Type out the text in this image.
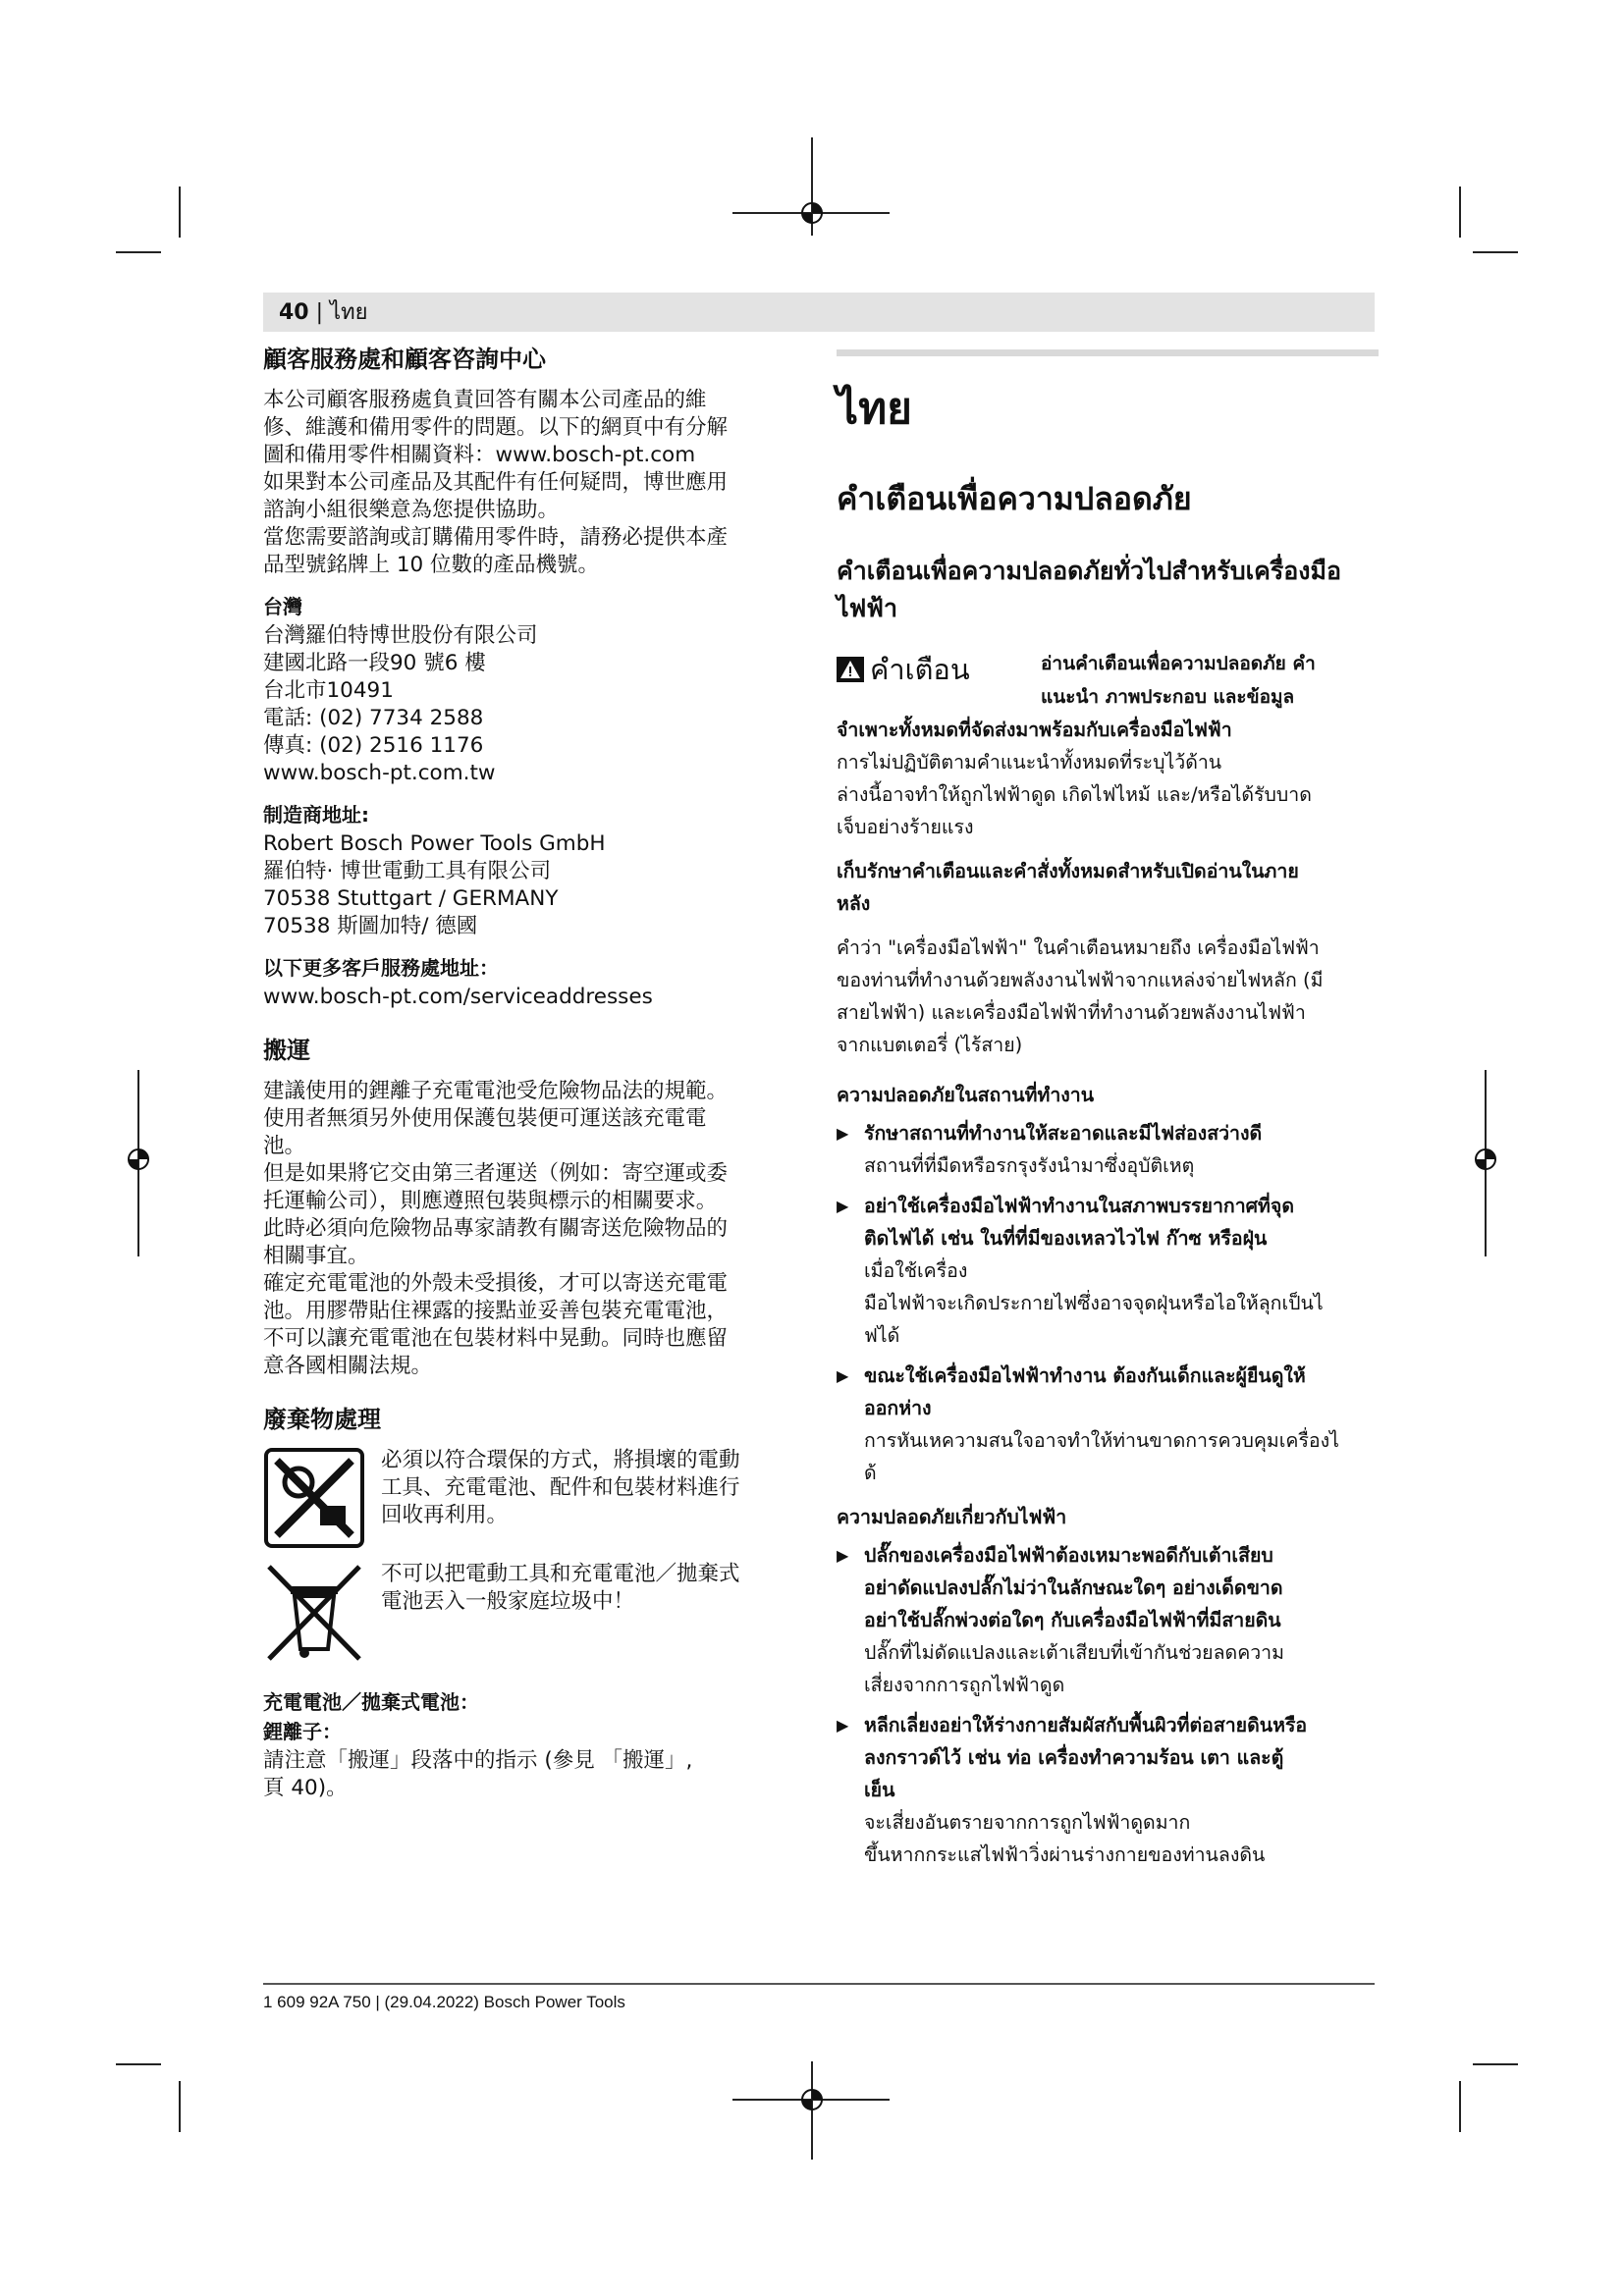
40 | ไทย
顧客服務處和顧客咨詢中心

本公司顧客服務處負責回答有關本公司產品的維
修、維護和備用零件的問題。以下的網頁中有分解
圖和備用零件相關資料：www.bosch-pt.com
如果對本公司產品及其配件有任何疑問，博世應用
諮詢小組很樂意為您提供協助。
當您需要諮詢或訂購備用零件時，請務必提供本產
品型號銘牌上 10 位數的產品機號。

台灣

台灣羅伯特博世股份有限公司
建國北路一段90 號6 樓
台北市10491
電話: (02) 7734 2588
傳真: (02) 2516 1176
www.bosch-pt.com.tw

制造商地址:

Robert Bosch Power Tools GmbH
羅伯特· 博世電動工具有限公司
70538 Stuttgart / GERMANY
70538 斯圖加特/ 德國

以下更多客戶服務處地址：

www.bosch-pt.com/serviceaddresses

搬運

建議使用的鋰離子充電電池受危險物品法的規範。
使用者無須另外使用保護包裝便可運送該充電電
池。
但是如果將它交由第三者運送（例如：寄空運或委
托運輸公司），則應遵照包裝與標示的相關要求。
此時必須向危險物品專家請教有關寄送危險物品的
相關事宜。
確定充電電池的外殼未受損後，才可以寄送充電電
池。用膠帶貼住裸露的接點並妥善包裝充電電池，
不可以讓充電電池在包裝材料中晃動。同時也應留
意各國相關法規。

廢棄物處理

必須以符合環保的方式，將損壞的電動
工具、充電電池、配件和包裝材料進行
回收再利用。

不可以把電動工具和充電電池／拋棄式
電池丟入一般家庭垃圾中！

充電電池／拋棄式電池：
鋰離子：

請注意「搬運」段落中的指示 (參見 「搬運」,
頁 40)。

ไทย
คำเตือนเพื่อความปลอดภัย
คำเตือนเพื่อความปลอดภัยทั่วไปสำหรับเครื่องมือ
ไฟฟ้า
คำเตือน	อ่านคำเตือนเพื่อความปลอดภัย คำ
แนะนำ ภาพประกอบ และข้อมูล

จำเพาะทั้งหมดที่จัดส่งมาพร้อมกับเครื่องมือไฟฟ้า

การไม่ปฏิบัติตามคำแนะนำทั้งหมดที่ระบุไว้ด้าน
ล่างนี้อาจทำให้ถูกไฟฟ้าดูด เกิดไฟไหม้ และ/หรือได้รับบาด
เจ็บอย่างร้ายแรง

เก็บรักษาคำเตือนและคำสั่งทั้งหมดสำหรับเปิดอ่านในภาย
หลัง

คำว่า "เครื่องมือไฟฟ้า" ในคำเตือนหมายถึง เครื่องมือไฟฟ้า
ของท่านที่ทำงานด้วยพลังงานไฟฟ้าจากแหล่งจ่ายไฟหลัก (มี
สายไฟฟ้า) และเครื่องมือไฟฟ้าที่ทำงานด้วยพลังงานไฟฟ้า
จากแบตเตอรี่ (ไร้สาย)

ความปลอดภัยในสถานที่ทำงาน
▶ รักษาสถานที่ทำงานให้สะอาดและมีไฟส่องสว่างดี

สถานที่ที่มืดหรือรกรุงรังนำมาซึ่งอุบัติเหตุ

▶ อย่าใช้เครื่องมือไฟฟ้าทำงานในสภาพบรรยากาศที่จุด
ติดไฟได้ เช่น ในที่ที่มีของเหลวไวไฟ ก๊าซ หรือฝุ่น

เมื่อใช้เครื่อง
มือไฟฟ้าจะเกิดประกายไฟซึ่งอาจจุดฝุ่นหรือไอให้ลุกเป็นไ
ฟได้

▶ ขณะใช้เครื่องมือไฟฟ้าทำงาน ต้องกันเด็กและผู้ยืนดูให้
ออกห่าง

การหันเหความสนใจอาจทำให้ท่านขาดการควบคุมเครื่องไ
ด้

ความปลอดภัยเกี่ยวกับไฟฟ้า
▶ ปลั๊กของเครื่องมือไฟฟ้าต้องเหมาะพอดีกับเต้าเสียบ
อย่าดัดแปลงปลั๊กไม่ว่าในลักษณะใดๆ อย่างเด็ดขาด
อย่าใช้ปลั๊กพ่วงต่อใดๆ กับเครื่องมือไฟฟ้าที่มีสายดิน

ปลั๊กที่ไม่ดัดแปลงและเต้าเสียบที่เข้ากันช่วยลดความ
เสี่ยงจากการถูกไฟฟ้าดูด

▶ หลีกเลี่ยงอย่าให้ร่างกายสัมผัสกับพื้นผิวที่ต่อสายดินหรือ
ลงกราวด์ไว้ เช่น ท่อ เครื่องทำความร้อน เตา และตู้
เย็น

จะเสี่ยงอันตรายจากการถูกไฟฟ้าดูดมาก
ขึ้นหากกระแสไฟฟ้าวิ่งผ่านร่างกายของท่านลงดิน

1 609 92A 750 | (29.04.2022) Bosch Power Tools
